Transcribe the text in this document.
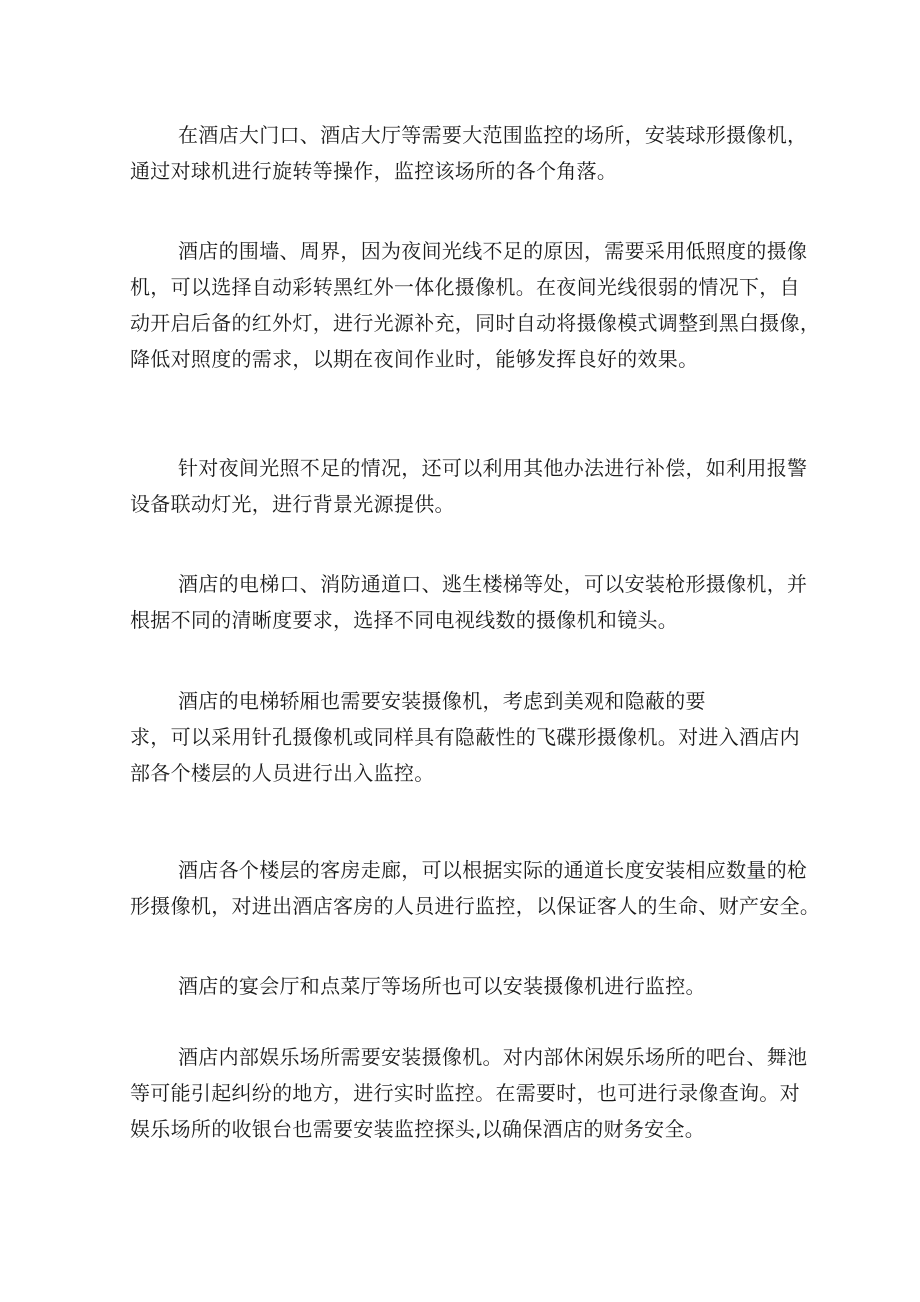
在酒店大门口、酒店大厅等需要大范围监控的场所，安装球形摄像机，
通过对球机进行旋转等操作，监控该场所的各个角落。

酒店的围墙、周界，因为夜间光线不足的原因，需要采用低照度的摄像
机，可以选择自动彩转黑红外一体化摄像机。在夜间光线很弱的情况下，自
动开启后备的红外灯，进行光源补充，同时自动将摄像模式调整到黑白摄像，
降低对照度的需求，以期在夜间作业时，能够发挥良好的效果。

针对夜间光照不足的情况，还可以利用其他办法进行补偿，如利用报警
设备联动灯光，进行背景光源提供。

酒店的电梯口、消防通道口、逃生楼梯等处，可以安装枪形摄像机，并
根据不同的清晰度要求，选择不同电视线数的摄像机和镜头。

酒店的电梯轿厢也需要安装摄像机，考虑到美观和隐蔽的要
求，可以采用针孔摄像机或同样具有隐蔽性的飞碟形摄像机。对进入酒店内
部各个楼层的人员进行出入监控。

酒店各个楼层的客房走廊，可以根据实际的通道长度安装相应数量的枪
形摄像机，对进出酒店客房的人员进行监控，以保证客人的生命、财产安全。

酒店的宴会厅和点菜厅等场所也可以安装摄像机进行监控。

酒店内部娱乐场所需要安装摄像机。对内部休闲娱乐场所的吧台、舞池
等可能引起纠纷的地方，进行实时监控。在需要时，也可进行录像查询。对
娱乐场所的收银台也需要安装监控探头,以确保酒店的财务安全。
